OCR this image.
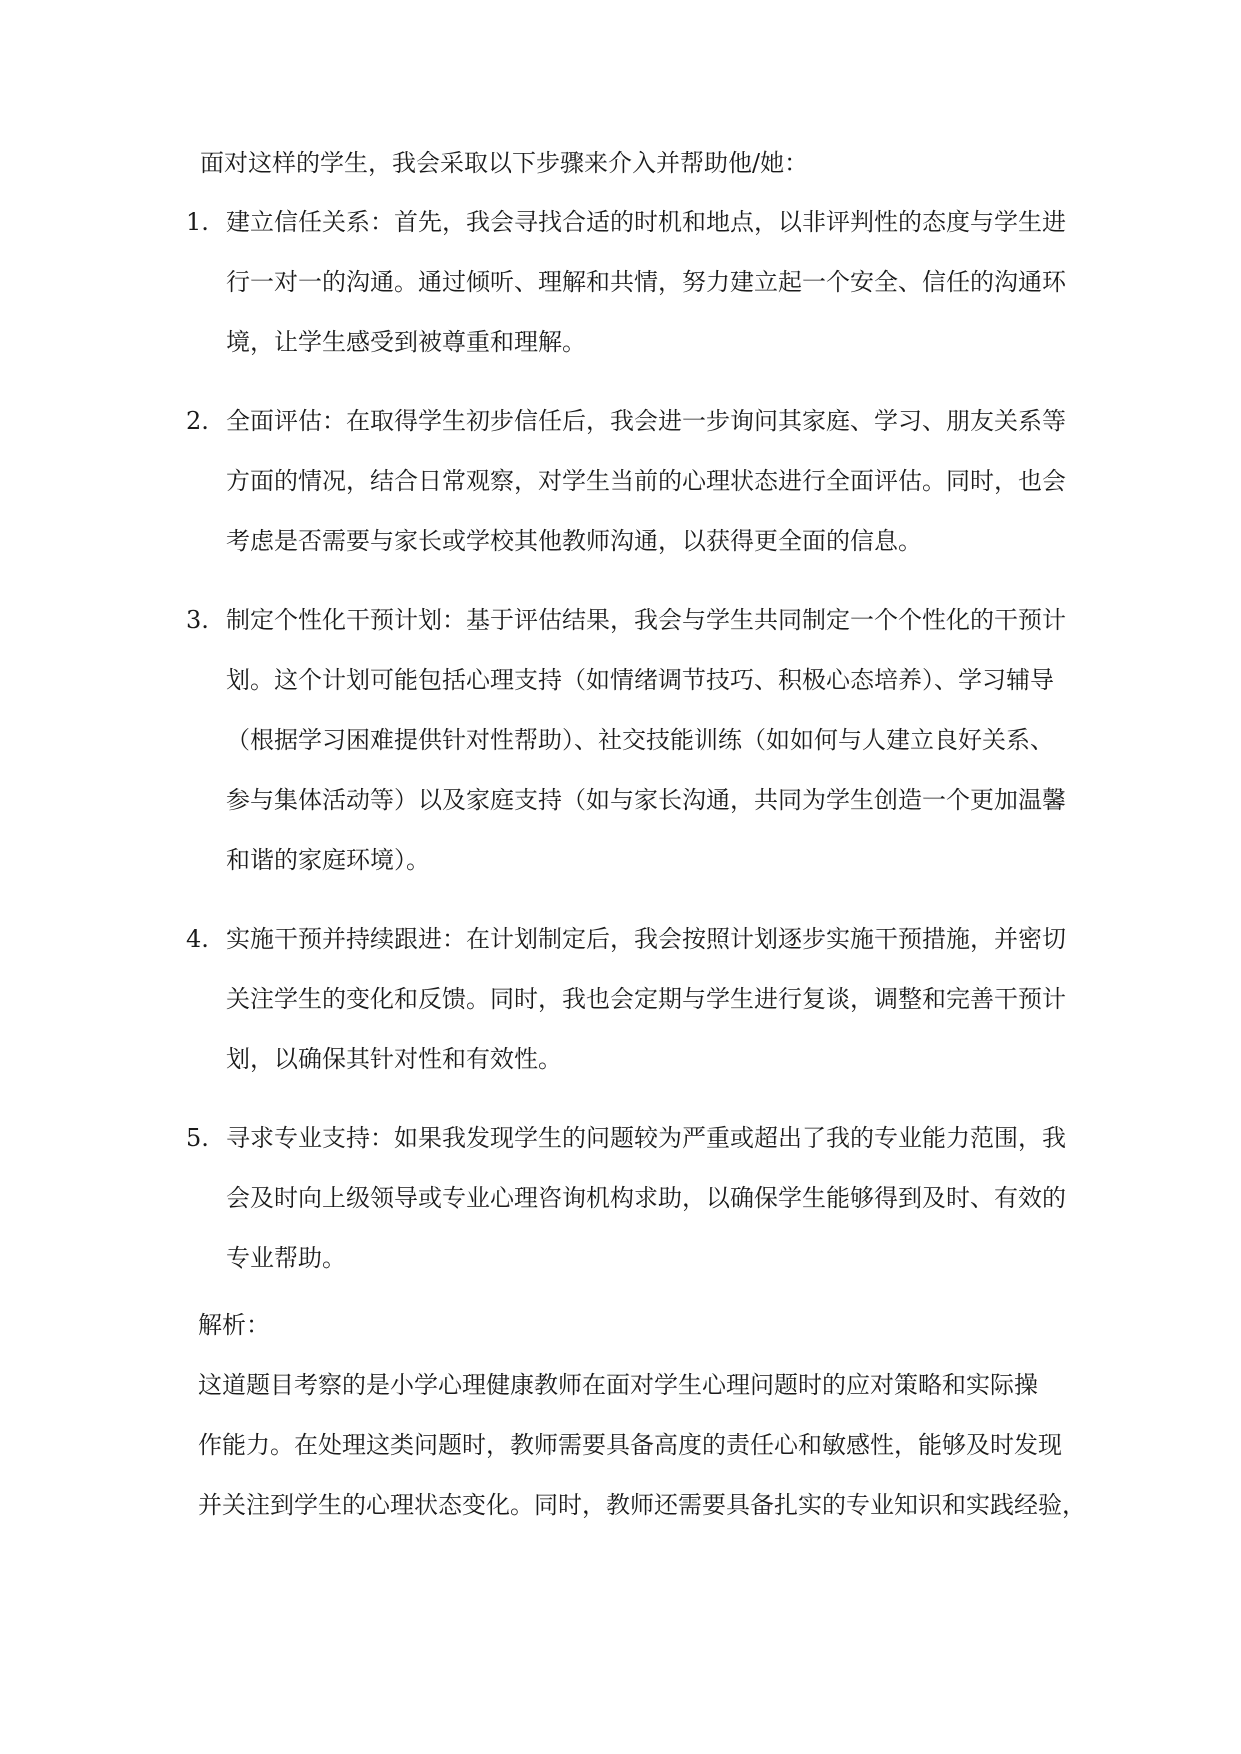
面对这样的学生，我会采取以下步骤来介入并帮助他/她：

1. 建立信任关系：首先，我会寻找合适的时机和地点，以非评判性的态度与学生进

行一对一的沟通。通过倾听、理解和共情，努力建立起一个安全、信任的沟通环

境，让学生感受到被尊重和理解。

2. 全面评估：在取得学生初步信任后，我会进一步询问其家庭、学习、朋友关系等

方面的情况，结合日常观察，对学生当前的心理状态进行全面评估。同时，也会

考虑是否需要与家长或学校其他教师沟通，以获得更全面的信息。

3. 制定个性化干预计划：基于评估结果，我会与学生共同制定一个个性化的干预计

划。这个计划可能包括心理支持（如情绪调节技巧、积极心态培养）、学习辅导

（根据学习困难提供针对性帮助）、社交技能训练（如如何与人建立良好关系、

参与集体活动等）以及家庭支持（如与家长沟通，共同为学生创造一个更加温馨

和谐的家庭环境）。

4. 实施干预并持续跟进：在计划制定后，我会按照计划逐步实施干预措施，并密切

关注学生的变化和反馈。同时，我也会定期与学生进行复谈，调整和完善干预计

划，以确保其针对性和有效性。

5. 寻求专业支持：如果我发现学生的问题较为严重或超出了我的专业能力范围，我

会及时向上级领导或专业心理咨询机构求助，以确保学生能够得到及时、有效的

专业帮助。

解析：

这道题目考察的是小学心理健康教师在面对学生心理问题时的应对策略和实际操

作能力。在处理这类问题时，教师需要具备高度的责任心和敏感性，能够及时发现

并关注到学生的心理状态变化。同时，教师还需要具备扎实的专业知识和实践经验，
